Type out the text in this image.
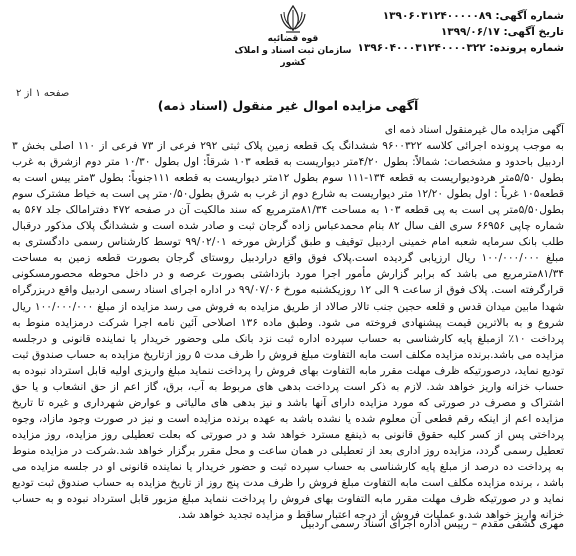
شماره آگهی: ۱۳۹۰۶۰۳۱۲۴۰۰۰۰۰۸۹
تاریخ آگهی: ۱۳۹۹/۰۶/۱۷
شماره پرونده: ۱۳۹۶۰۴۰۰۰۳۱۲۴۰۰۰۰۳۲۲
قوه قضائیه
سازمان ثبت اسناد و املاک کشور
صفحه ۱ از ۲
آگهی مزایده اموال غیر منقول (اسناد ذمه)

آگهی مزایده مال غیرمنقول اسناد ذمه ای

به موجب پرونده اجرائی کلاسه ۹۶۰۰۳۲۲ ششدانگ یک قطعه زمین پلاک ثبتی ۲۹۲ فرعی از ۷۳ فرعی از ۱۱۰ اصلی بخش ۳ اردبیل باحدود و مشخصات: شمالاً: بطول ۴/۲۰متر دیواریست به قطعه ۱۰۳ شرقاً: اول بطول ۱۰/۳۰ متر دوم ازشرق به غرب بطول ۵/۵۰متر هردودیواریست به قطعه ۱۳۴-۱۱۱ سوم بطول ۱۲متر دیواریست به قطعه ۱۱۱جنوباً: بطول ۳متر ییس است به قطعه۱۰۵ غرباً : اول بطول ۱۲/۲۰ متر دیواریست به شارع دوم از غرب به شرق بطول۰/۵۰متر پی است به خیاط مشترک سوم بطول۵/۵۰متر پی است به پی قطعه ۱۰۳ به مساحت ۸۱/۳۴مترمربع که سند مالکیت آن در صفحه ۴۷۲ دفترامالک جلد ۵۶۷ به شماره چاپی ۶۶۹۵۶ سری الف سال ۸۲ بنام محمدعباس زاده گرجان ثبت و صادر شده است و ششدانگ پلاک مذکور درقبال طلب بانک سرمایه شعبه امام خمینی اردبیل توقیف و طبق گزارش مورخه ۹۹/۰۲/۰۱ توسط کارشناس رسمی دادگستری به مبلغ ۱۰۰/۰۰۰/۰۰۰ ریال ارزیابی گردیده است.پلاک فوق واقع دراردبیل روستای گرجان بصورت قطعه زمین به مساحت ۸۱/۳۴مترمربع می باشد که برابر گزارش مأمور اجرا مورد بازداشتی بصورت عرصه و در داخل محوطه محصورمسکونی قرارگرفته است. پلاک فوق از ساعت ۹ الی ۱۲ روزیکشنبه مورخ ۹۹/۰۷/۰۶ در اداره اجرای اسناد رسمی اردبیل واقع دربزرگراه شهدا مابین میدان قدس و قلعه حجین جنب تالار صالاد از طریق مزایده به فروش می رسد مزایده از مبلغ ۱۰۰/۰۰۰/۰۰۰ ریال شروع و به بالاترین قیمت پیشنهادی فروخته می شود. وطبق ماده ۱۳۶ اصلاحی آئین نامه اجرا شرکت درمزایده منوط به پرداخت ۱۰٪ ازمبلغ پایه کارشناسی به حساب سپرده اداره ثبت نزد بانک ملی وحضور خریدار یا نماینده قانونی و درجلسه مزایده می باشد.برنده مزایده مکلف است مابه التفاوت مبلغ فروش را ظرف مدت ۵ روز ازتاریخ مزایده به حساب صندوق ثبت تودیع نماید، درصورتیکه ظرف مهلت مقرر مابه التفاوت بهای فروش را پرداخت ننماید مبلغ واریزی اولیه قابل استرداد نبوده به حساب خزانه واریز خواهد شد. لازم به ذکر است پرداخت بدهی های مربوط به آب، برق، گاز اعم از حق انشعاب و یا حق اشتراک و مصرف در صورتی که مورد مزایده دارای آنها باشد و نیز بدهی های مالیاتی و عوارض شهرداری و غیره تا تاریخ مزایده اعم از اینکه رقم قطعی آن معلوم شده یا نشده باشد به عهده برنده مزایده است و نیز در صورت وجود مازاد، وجوه پرداختی پس از کسر کلیه حقوق قانونی به ذینفع مسترد خواهد شد و در صورتی که بعلت تعطیلی روز مزایده، روز مزایده تعطیل رسمی گردد، مزایده روز اداری بعد از تعطیلی در همان ساعت و محل مقرر برگزار خواهد شد.شرکت در مزایده منوط به پرداخت ده درصد از مبلغ پایه کارشناسی به حساب سپرده ثبت و حضور خریدار یا نماینده قانونی او در جلسه مزایده می باشد ، برنده مزایده مکلف است مابه التفاوت مبلغ فروش را ظرف مدت پنج روز از تاریخ مزایده به حساب صندوق ثبت تودیع نماید و در صورتیکه ظرف مهلت مقرر مابه التفاوت بهای فروش را پرداخت ننماید مبلغ مزبور قابل استرداد نبوده و به حساب خزانه واریز خواهد شد.و عملیات فروش از درجه اعتبار ساقط و مزایده تجدید خواهد شد.

مهری کشفی مقدم – رییس اداره اجرای اسناد رسمی اردبیل
